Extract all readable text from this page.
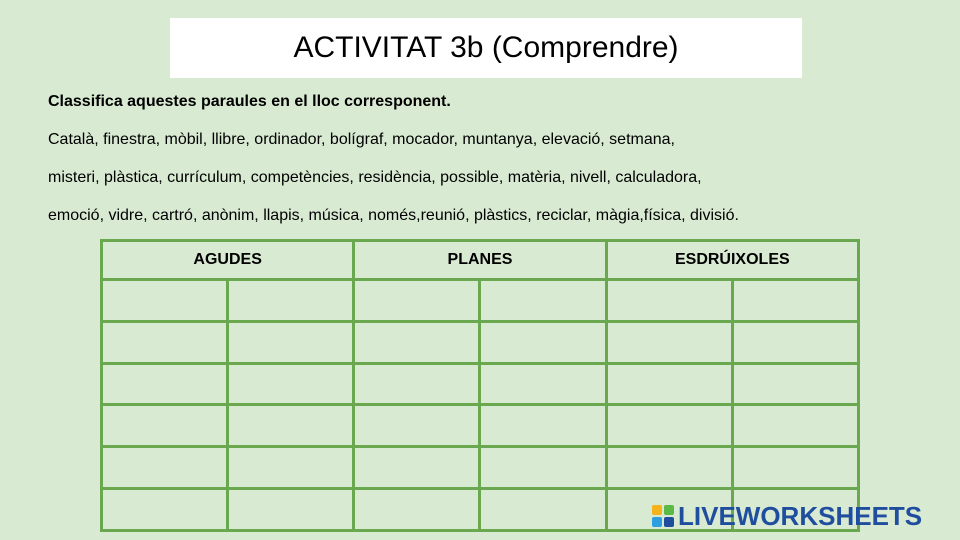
ACTIVITAT 3b (Comprendre)
Classifica aquestes paraules en el lloc corresponent.
Català, finestra, mòbil, llibre, ordinador, bolígraf, mocador, muntanya, elevació, setmana,
misteri, plàstica, currículum, competències, residència, possible, matèria, nivell, calculadora,
emoció, vidre, cartró, anònim, llapis, música, només,reunió, plàstics, reciclar, màgia,física, divisió.
AGUDES		PLANES		ESDRÚIXOLES	

LIVEWORKSHEETS
